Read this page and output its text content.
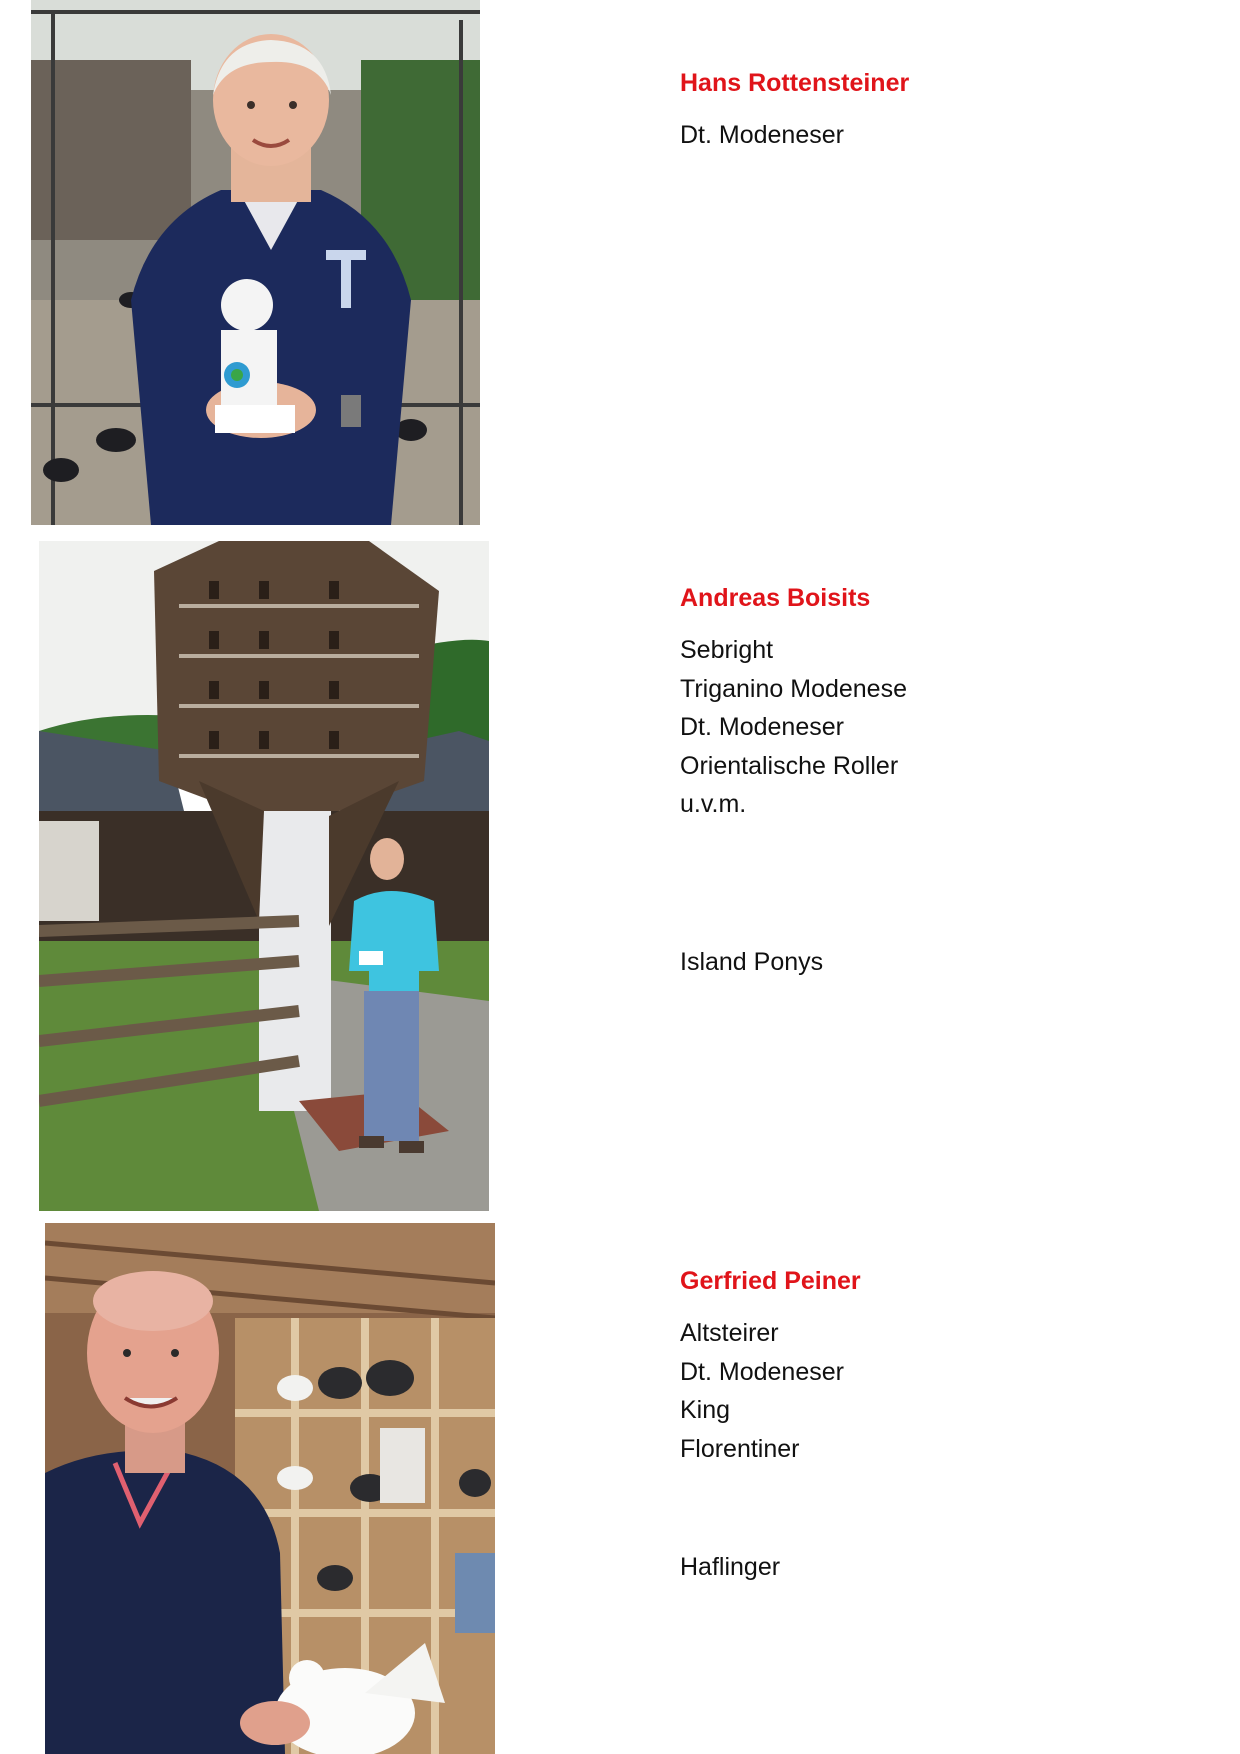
Hans Rottensteiner

Dt. Modeneser

Andreas Boisits

Sebright

Triganino Modenese

Dt. Modeneser

Orientalische Roller

u.v.m.

Island Ponys

Gerfried Peiner

Altsteirer

Dt. Modeneser

King

Florentiner

Haflinger
